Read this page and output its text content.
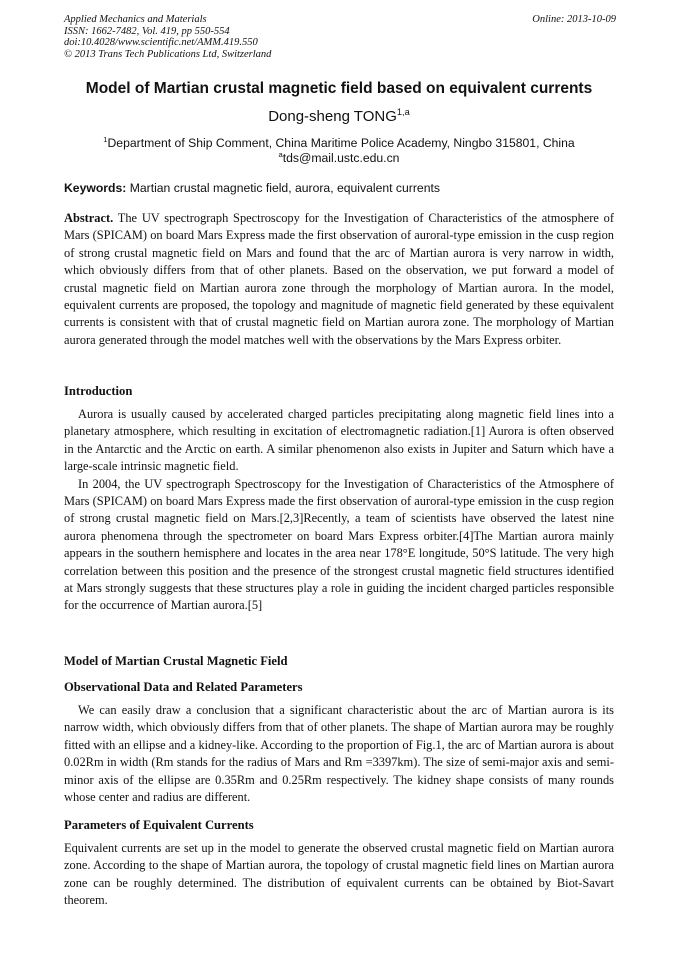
Applied Mechanics and Materials
ISSN: 1662-7482, Vol. 419, pp 550-554
doi:10.4028/www.scientific.net/AMM.419.550
© 2013 Trans Tech Publications Ltd, Switzerland
Online: 2013-10-09
Model of Martian crustal magnetic field based on equivalent currents
Dong-sheng TONG$^{1,a}$
$^1$Department of Ship Comment, China Maritime Police Academy, Ningbo 315801, China
$^a$tds@mail.ustc.edu.cn
Keywords: Martian crustal magnetic field, aurora, equivalent currents

Abstract. The UV spectrograph Spectroscopy for the Investigation of Characteristics of the atmosphere of Mars (SPICAM) on board Mars Express made the first observation of auroral-type emission in the cusp region of strong crustal magnetic field on Mars and found that the arc of Martian aurora is very narrow in width, which obviously differs from that of other planets. Based on the observation, we put forward a model of crustal magnetic field on Martian aurora zone through the morphology of Martian aurora. In the model, equivalent currents are proposed, the topology and magnitude of magnetic field generated by these equivalent currents is consistent with that of crustal magnetic field on Martian aurora zone. The morphology of Martian aurora generated through the model matches well with the observations by the Mars Express orbiter.

Introduction

Aurora is usually caused by accelerated charged particles precipitating along magnetic field lines into a planetary atmosphere, which resulting in excitation of electromagnetic radiation.[1] Aurora is often observed in the Antarctic and the Arctic on earth. A similar phenomenon also exists in Jupiter and Saturn which have a large-scale intrinsic magnetic field.

In 2004, the UV spectrograph Spectroscopy for the Investigation of Characteristics of the Atmosphere of Mars (SPICAM) on board Mars Express made the first observation of auroral-type emission in the cusp region of strong crustal magnetic field on Mars.[2,3]Recently, a team of scientists have observed the latest nine aurora phenomena through the spectrometer on board Mars Express orbiter.[4]The Martian aurora mainly appears in the southern hemisphere and locates in the area near 178°E longitude, 50°S latitude. The very high correlation between this position and the presence of the strongest crustal magnetic field structures identified at Mars strongly suggests that these structures play a role in guiding the incident charged particles responsible for the occurrence of Martian aurora.[5]

Model of Martian Crustal Magnetic Field
Observational Data and Related Parameters

We can easily draw a conclusion that a significant characteristic about the arc of Martian aurora is its narrow width, which obviously differs from that of other planets. The shape of Martian aurora may be roughly fitted with an ellipse and a kidney-like. According to the proportion of Fig.1, the arc of Martian aurora is about 0.02Rm in width (Rm stands for the radius of Mars and Rm =3397km). The size of semi-major axis and semi-minor axis of the ellipse are 0.35Rm and 0.25Rm respectively. The kidney shape consists of many rounds whose center and radius are different.

Parameters of Equivalent Currents

Equivalent currents are set up in the model to generate the observed crustal magnetic field on Martian aurora zone. According to the shape of Martian aurora, the topology of crustal magnetic field lines on Martian aurora zone can be roughly determined. The distribution of equivalent currents can be obtained by Biot-Savart theorem.
